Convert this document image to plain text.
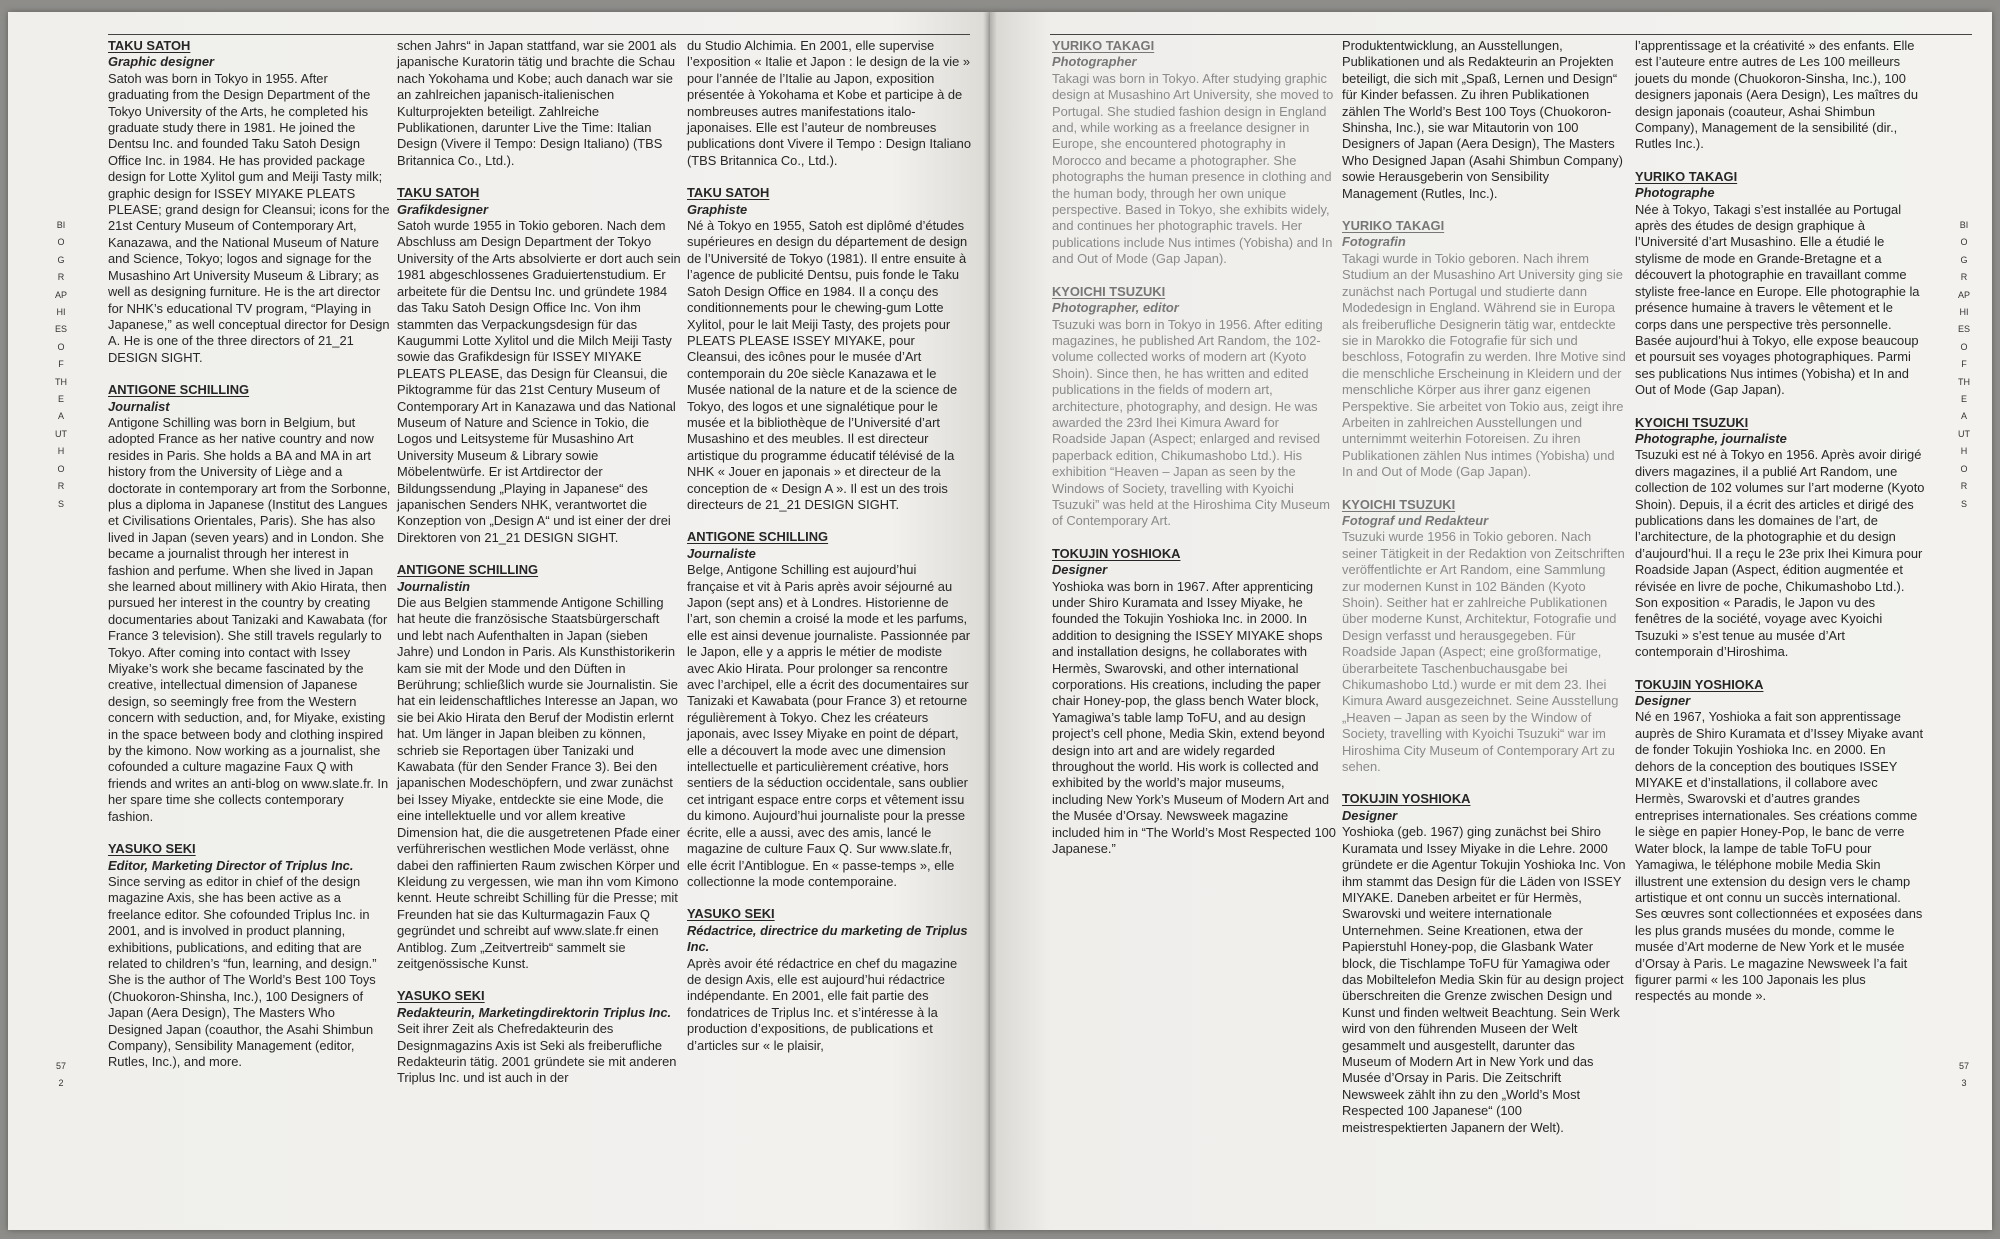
BIOGRAPHIES OF THE AUTHORS
572
TAKU SATOH
Graphic designer
Satoh was born in Tokyo in 1955. After graduating from the Design Department of the Tokyo University of the Arts, he completed his graduate study there in 1981. He joined the Dentsu Inc. and founded Taku Satoh Design Office Inc. in 1984. He has provided package design for Lotte Xylitol gum and Meiji Tasty milk; graphic design for ISSEY MIYAKE PLEATS PLEASE; grand design for Cleansui; icons for the 21st Century Museum of Contemporary Art, Kanazawa, and the National Museum of Nature and Science, Tokyo; logos and signage for the Musashino Art University Museum & Library; as well as designing furniture. He is the art director for NHK’s educational TV program, “Playing in Japanese,” as well conceptual director for Design A. He is one of the three directors of 21_21 DESIGN SIGHT.
ANTIGONE SCHILLING
Journalist
Antigone Schilling was born in Belgium, but adopted France as her native country and now resides in Paris. She holds a BA and MA in art history from the University of Liège and a doctorate in contemporary art from the Sorbonne, plus a diploma in Japanese (Institut des Langues et Civilisations Orientales, Paris). She has also lived in Japan (seven years) and in London. She became a journalist through her interest in fashion and perfume. When she lived in Japan she learned about millinery with Akio Hirata, then pursued her interest in the country by creating documentaries about Tanizaki and Kawabata (for France 3 television). She still travels regularly to Tokyo. After coming into contact with Issey Miyake’s work she became fascinated by the creative, intellectual dimension of Japanese design, so seemingly free from the Western concern with seduction, and, for Miyake, existing in the space between body and clothing inspired by the kimono. Now working as a journalist, she cofounded a culture magazine Faux Q with friends and writes an anti-blog on www.slate.fr. In her spare time she collects contemporary fashion.
YASUKO SEKI
Editor, Marketing Director of Triplus Inc.
Since serving as editor in chief of the design magazine Axis, she has been active as a freelance editor. She cofounded Triplus Inc. in 2001, and is involved in product planning, exhibitions, publications, and editing that are related to children’s “fun, learning, and design.” She is the author of The World’s Best 100 Toys (Chuokoron-Shinsha, Inc.), 100 Designers of Japan (Aera Design), The Masters Who Designed Japan (coauthor, the Asahi Shimbun Company), Sensibility Management (editor, Rutles, Inc.), and more.
schen Jahrs“ in Japan stattfand, war sie 2001 als japanische Kuratorin tätig und brachte die Schau nach Yokohama und Kobe; auch danach war sie an zahlreichen japanisch-italienischen Kulturprojekten beteiligt. Zahlreiche Publikationen, darunter Live the Time: Italian Design (Vivere il Tempo: Design Italiano) (TBS Britannica Co., Ltd.).
TAKU SATOH
Grafikdesigner
Satoh wurde 1955 in Tokio geboren. Nach dem Abschluss am Design Department der Tokyo University of the Arts absolvierte er dort auch sein 1981 abgeschlossenes Graduiertenstudium. Er arbeitete für die Dentsu Inc. und gründete 1984 das Taku Satoh Design Office Inc. Von ihm stammten das Verpackungsdesign für das Kaugummi Lotte Xylitol und die Milch Meiji Tasty sowie das Grafikdesign für ISSEY MIYAKE PLEATS PLEASE, das Design für Cleansui, die Piktogramme für das 21st Century Museum of Contemporary Art in Kanazawa und das National Museum of Nature and Science in Tokio, die Logos und Leitsysteme für Musashino Art University Museum & Library sowie Möbelentwürfe. Er ist Artdirector der Bildungssendung „Playing in Japanese“ des japanischen Senders NHK, verantwortet die Konzeption von „Design A“ und ist einer der drei Direktoren von 21_21 DESIGN SIGHT.
ANTIGONE SCHILLING
Journalistin
Die aus Belgien stammende Antigone Schilling hat heute die französische Staatsbürgerschaft und lebt nach Aufenthalten in Japan (sieben Jahre) und London in Paris. Als Kunsthistorikerin kam sie mit der Mode und den Düften in Berührung; schließlich wurde sie Journalistin. Sie hat ein leidenschaftliches Interesse an Japan, wo sie bei Akio Hirata den Beruf der Modistin erlernt hat. Um länger in Japan bleiben zu können, schrieb sie Reportagen über Tanizaki und Kawabata (für den Sender France 3). Bei den japanischen Modeschöpfern, und zwar zunächst bei Issey Miyake, entdeckte sie eine Mode, die eine intellektuelle und vor allem kreative Dimension hat, die die ausgetretenen Pfade einer verführerischen westlichen Mode verlässt, ohne dabei den raffinierten Raum zwischen Körper und Kleidung zu vergessen, wie man ihn vom Kimono kennt. Heute schreibt Schilling für die Presse; mit Freunden hat sie das Kulturmagazin Faux Q gegründet und schreibt auf www.slate.fr einen Antiblog. Zum „Zeitvertreib“ sammelt sie zeitgenössische Kunst.
YASUKO SEKI
Redakteurin, Marketingdirektorin Triplus Inc.
Seit ihrer Zeit als Chefredakteurin des Designmagazins Axis ist Seki als freiberufliche Redakteurin tätig. 2001 gründete sie mit anderen Triplus Inc. und ist auch in der
du Studio Alchimia. En 2001, elle supervise l’exposition « Italie et Japon : le design de la vie » pour l’année de l’Italie au Japon, exposition présentée à Yokohama et Kobe et participe à de nombreuses autres manifestations italo-japonaises. Elle est l’auteur de nombreuses publications dont Vivere il Tempo : Design Italiano (TBS Britannica Co., Ltd.).
TAKU SATOH
Graphiste
Né à Tokyo en 1955, Satoh est diplômé d’études supérieures en design du département de design de l’Université de Tokyo (1981). Il entre ensuite à l’agence de publicité Dentsu, puis fonde le Taku Satoh Design Office en 1984. Il a conçu des conditionnements pour le chewing-gum Lotte Xylitol, pour le lait Meiji Tasty, des projets pour PLEATS PLEASE ISSEY MIYAKE, pour Cleansui, des icônes pour le musée d’Art contemporain du 20e siècle Kanazawa et le Musée national de la nature et de la science de Tokyo, des logos et une signalétique pour le musée et la bibliothèque de l’Université d’art Musashino et des meubles. Il est directeur artistique du programme éducatif télévisé de la NHK « Jouer en japonais » et directeur de la conception de « Design A ». Il est un des trois directeurs de 21_21 DESIGN SIGHT.
ANTIGONE SCHILLING
Journaliste
Belge, Antigone Schilling est aujourd’hui française et vit à Paris après avoir séjourné au Japon (sept ans) et à Londres. Historienne de l’art, son chemin a croisé la mode et les parfums, elle est ainsi devenue journaliste. Passionnée par le Japon, elle y a appris le métier de modiste avec Akio Hirata. Pour prolonger sa rencontre avec l’archipel, elle a écrit des documentaires sur Tanizaki et Kawabata (pour France 3) et retourne régulièrement à Tokyo. Chez les créateurs japonais, avec Issey Miyake en point de départ, elle a découvert la mode avec une dimension intellectuelle et particulièrement créative, hors sentiers de la séduction occidentale, sans oublier cet intrigant espace entre corps et vêtement issu du kimono. Aujourd’hui journaliste pour la presse écrite, elle a aussi, avec des amis, lancé le magazine de culture Faux Q. Sur www.slate.fr, elle écrit l’Antiblogue. En « passe-temps », elle collectionne la mode contemporaine.
YASUKO SEKI
Rédactrice, directrice du marketing de Triplus Inc.
Après avoir été rédactrice en chef du magazine de design Axis, elle est aujourd’hui rédactrice indépendante. En 2001, elle fait partie des fondatrices de Triplus Inc. et s’intéresse à la production d’expositions, de publications et d’articles sur « le plaisir,
BIOGRAPHIES OF THE AUTHORS
573
YURIKO TAKAGI
Photographer
Takagi was born in Tokyo. After studying graphic design at Musashino Art University, she moved to Portugal. She studied fashion design in England and, while working as a freelance designer in Europe, she encountered photography in Morocco and became a photographer. She photographs the human presence in clothing and the human body, through her own unique perspective. Based in Tokyo, she exhibits widely, and continues her photographic travels. Her publications include Nus intimes (Yobisha) and In and Out of Mode (Gap Japan).
KYOICHI TSUZUKI
Photographer, editor
Tsuzuki was born in Tokyo in 1956. After editing magazines, he published Art Random, the 102-volume collected works of modern art (Kyoto Shoin). Since then, he has written and edited publications in the fields of modern art, architecture, photography, and design. He was awarded the 23rd Ihei Kimura Award for Roadside Japan (Aspect; enlarged and revised paperback edition, Chikumashobo Ltd.). His exhibition “Heaven – Japan as seen by the Windows of Society, travelling with Kyoichi Tsuzuki” was held at the Hiroshima City Museum of Contemporary Art.
TOKUJIN YOSHIOKA
Designer
Yoshioka was born in 1967. After apprenticing under Shiro Kuramata and Issey Miyake, he founded the Tokujin Yoshioka Inc. in 2000. In addition to designing the ISSEY MIYAKE shops and installation designs, he collaborates with Hermès, Swarovski, and other international corporations. His creations, including the paper chair Honey-pop, the glass bench Water block, Yamagiwa’s table lamp ToFU, and au design project’s cell phone, Media Skin, extend beyond design into art and are widely regarded throughout the world. His work is collected and exhibited by the world’s major museums, including New York’s Museum of Modern Art and the Musée d’Orsay. Newsweek magazine included him in “The World’s Most Respected 100 Japanese.”
Produktentwicklung, an Ausstellungen, Publikationen und als Redakteurin an Projekten beteiligt, die sich mit „Spaß, Lernen und Design“ für Kinder befassen. Zu ihren Publikationen zählen The World’s Best 100 Toys (Chuokoron-Shinsha, Inc.), sie war Mitautorin von 100 Designers of Japan (Aera Design), The Masters Who Designed Japan (Asahi Shimbun Company) sowie Herausgeberin von Sensibility Management (Rutles, Inc.).
YURIKO TAKAGI
Fotografin
Takagi wurde in Tokio geboren. Nach ihrem Studium an der Musashino Art University ging sie zunächst nach Portugal und studierte dann Modedesign in England. Während sie in Europa als freiberufliche Designerin tätig war, entdeckte sie in Marokko die Fotografie für sich und beschloss, Fotografin zu werden. Ihre Motive sind die menschliche Erscheinung in Kleidern und der menschliche Körper aus ihrer ganz eigenen Perspektive. Sie arbeitet von Tokio aus, zeigt ihre Arbeiten in zahlreichen Ausstellungen und unternimmt weiterhin Fotoreisen. Zu ihren Publikationen zählen Nus intimes (Yobisha) und In and Out of Mode (Gap Japan).
KYOICHI TSUZUKI
Fotograf und Redakteur
Tsuzuki wurde 1956 in Tokio geboren. Nach seiner Tätigkeit in der Redaktion von Zeitschriften veröffentlichte er Art Random, eine Sammlung zur modernen Kunst in 102 Bänden (Kyoto Shoin). Seither hat er zahlreiche Publikationen über moderne Kunst, Architektur, Fotografie und Design verfasst und herausgegeben. Für Roadside Japan (Aspect; eine großformatige, überarbeitete Taschenbuchausgabe bei Chikumashobo Ltd.) wurde er mit dem 23. Ihei Kimura Award ausgezeichnet. Seine Ausstellung „Heaven – Japan as seen by the Window of Society, travelling with Kyoichi Tsuzuki“ war im Hiroshima City Museum of Contemporary Art zu sehen.
TOKUJIN YOSHIOKA
Designer
Yoshioka (geb. 1967) ging zunächst bei Shiro Kuramata und Issey Miyake in die Lehre. 2000 gründete er die Agentur Tokujin Yoshioka Inc. Von ihm stammt das Design für die Läden von ISSEY MIYAKE. Daneben arbeitet er für Hermès, Swarovski und weitere internationale Unternehmen. Seine Kreationen, etwa der Papierstuhl Honey-pop, die Glasbank Water block, die Tischlampe ToFU für Yamagiwa oder das Mobiltelefon Media Skin für au design project überschreiten die Grenze zwischen Design und Kunst und finden weltweit Beachtung. Sein Werk wird von den führenden Museen der Welt gesammelt und ausgestellt, darunter das Museum of Modern Art in New York und das Musée d’Orsay in Paris. Die Zeitschrift Newsweek zählt ihn zu den „World’s Most Respected 100 Japanese“ (100 meistrespektierten Japanern der Welt).
l’apprentissage et la créativité » des enfants. Elle est l’auteure entre autres de Les 100 meilleurs jouets du monde (Chuokoron-Sinsha, Inc.), 100 designers japonais (Aera Design), Les maîtres du design japonais (coauteur, Ashai Shimbun Company), Management de la sensibilité (dir., Rutles Inc.).
YURIKO TAKAGI
Photographe
Née à Tokyo, Takagi s’est installée au Portugal après des études de design graphique à l’Université d’art Musashino. Elle a étudié le stylisme de mode en Grande-Bretagne et a découvert la photographie en travaillant comme styliste free-lance en Europe. Elle photographie la présence humaine à travers le vêtement et le corps dans une perspective très personnelle. Basée aujourd’hui à Tokyo, elle expose beaucoup et poursuit ses voyages photographiques. Parmi ses publications Nus intimes (Yobisha) et In and Out of Mode (Gap Japan).
KYOICHI TSUZUKI
Photographe, journaliste
Tsuzuki est né à Tokyo en 1956. Après avoir dirigé divers magazines, il a publié Art Random, une collection de 102 volumes sur l’art moderne (Kyoto Shoin). Depuis, il a écrit des articles et dirigé des publications dans les domaines de l’art, de l’architecture, de la photographie et du design d’aujourd’hui. Il a reçu le 23e prix Ihei Kimura pour Roadside Japan (Aspect, édition augmentée et révisée en livre de poche, Chikumashobo Ltd.). Son exposition « Paradis, le Japon vu des fenêtres de la société, voyage avec Kyoichi Tsuzuki » s’est tenue au musée d’Art contemporain d’Hiroshima.
TOKUJIN YOSHIOKA
Designer
Né en 1967, Yoshioka a fait son apprentissage auprès de Shiro Kuramata et d’Issey Miyake avant de fonder Tokujin Yoshioka Inc. en 2000. En dehors de la conception des boutiques ISSEY MIYAKE et d’installations, il collabore avec Hermès, Swarovski et d’autres grandes entreprises internationales. Ses créations comme le siège en papier Honey-Pop, le banc de verre Water block, la lampe de table ToFU pour Yamagiwa, le téléphone mobile Media Skin illustrent une extension du design vers le champ artistique et ont connu un succès international. Ses œuvres sont collectionnées et exposées dans les plus grands musées du monde, comme le musée d’Art moderne de New York et le musée d’Orsay à Paris. Le magazine Newsweek l’a fait figurer parmi « les 100 Japonais les plus respectés au monde ».
